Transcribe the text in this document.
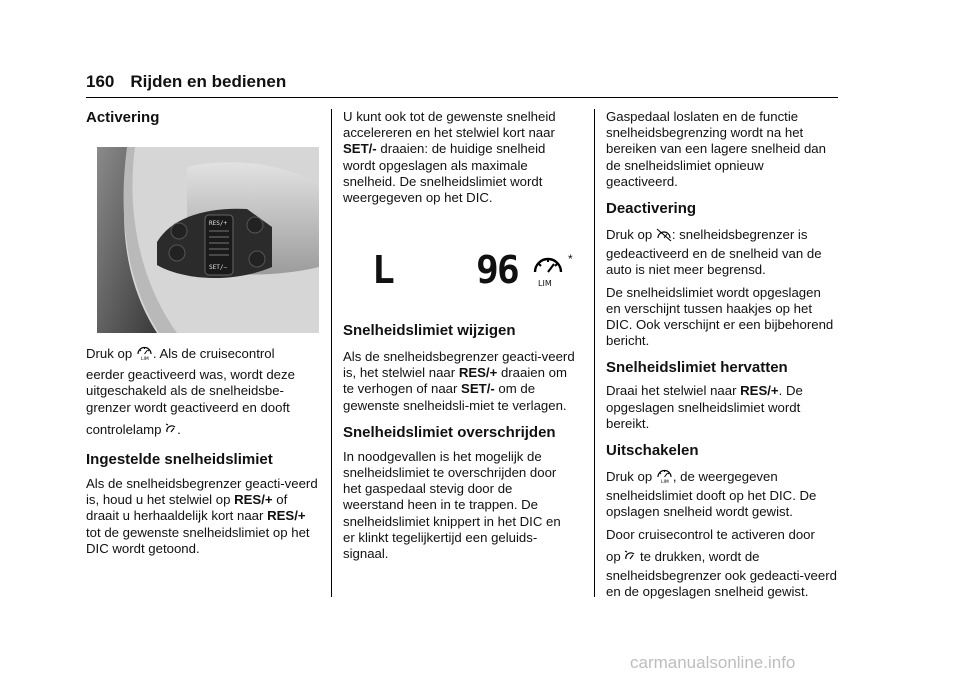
160 Rijden en bedienen
Activering
RES/+
SET/–

Druk op LIM . Als de cruisecontrol

eerder geactiveerd was, wordt deze uitgeschakeld als de snelheidsbe-grenzer wordt geactiveerd en dooft

controlelamp .

Ingestelde snelheidslimiet

Als de snelheidsbegrenzer geacti-veerd is, houd u het stelwiel op RES/+ of draait u herhaaldelijk kort naar RES/+ tot de gewenste snelheidslimiet op het DIC wordt getoond.

U kunt ook tot de gewenste snelheid accelereren en het stelwiel kort naar SET/- draaien: de huidige snelheid wordt opgeslagen als maximale snelheid. De snelheidslimiet wordt weergegeven op het DIC.

L 96	LIM
*
Snelheidslimiet wijzigen

Als de snelheidsbegrenzer geacti-veerd is, het stelwiel naar RES/+ draaien om te verhogen of naar SET/- om de gewenste snelheidsli-miet te verlagen.

Snelheidslimiet overschrijden

In noodgevallen is het mogelijk de snelheidslimiet te overschrijden door het gaspedaal stevig door de weerstand heen in te trappen. De snelheidslimiet knippert in het DIC en er klinkt tegelijkertijd een geluids-signaal.

Gaspedaal loslaten en de functie snelheidsbegrenzing wordt na het bereiken van een lagere snelheid dan de snelheidslimiet opnieuw geactiveerd.

Deactivering

Druk op : snelheidsbegrenzer is gedeactiveerd en de snelheid van de auto is niet meer begrensd.

De snelheidslimiet wordt opgeslagen en verschijnt tussen haakjes op het DIC. Ook verschijnt er een bijbehorend bericht.

Snelheidslimiet hervatten

Draai het stelwiel naar RES/+. De opgeslagen snelheidslimiet wordt bereikt.

Uitschakelen

Druk op LIM , de weergegeven snelheidslimiet dooft op het DIC. De opslagen snelheid wordt gewist.

Door cruisecontrol te activeren door

op  te drukken, wordt de snelheidsbegrenzer ook gedeacti-veerd en de opgeslagen snelheid gewist.

carmanualsonline.info
